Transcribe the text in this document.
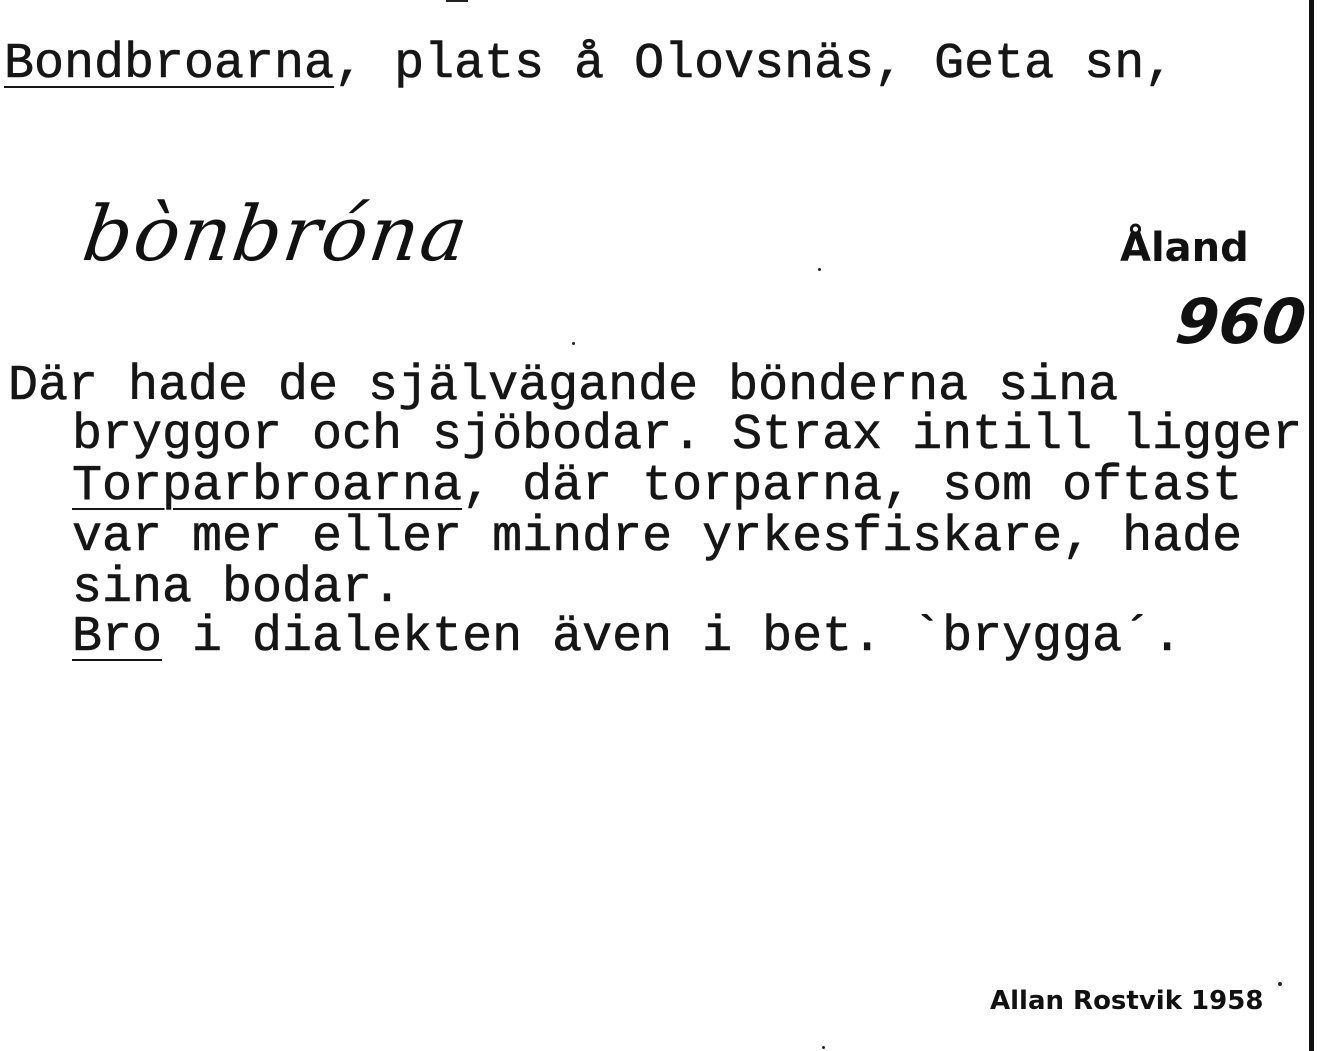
Bondbroarna, plats å Olovsnäs, Geta sn,
bònbróna	Åland
960
Där hade de självägande bönderna sina
bryggor och sjöbodar. Strax intill ligger
Torparbroarna, där torparna, som oftast
var mer eller mindre yrkesfiskare, hade
sina bodar.
Bro i dialekten även i bet. `brygga´.
Allan Rostvik 1958
